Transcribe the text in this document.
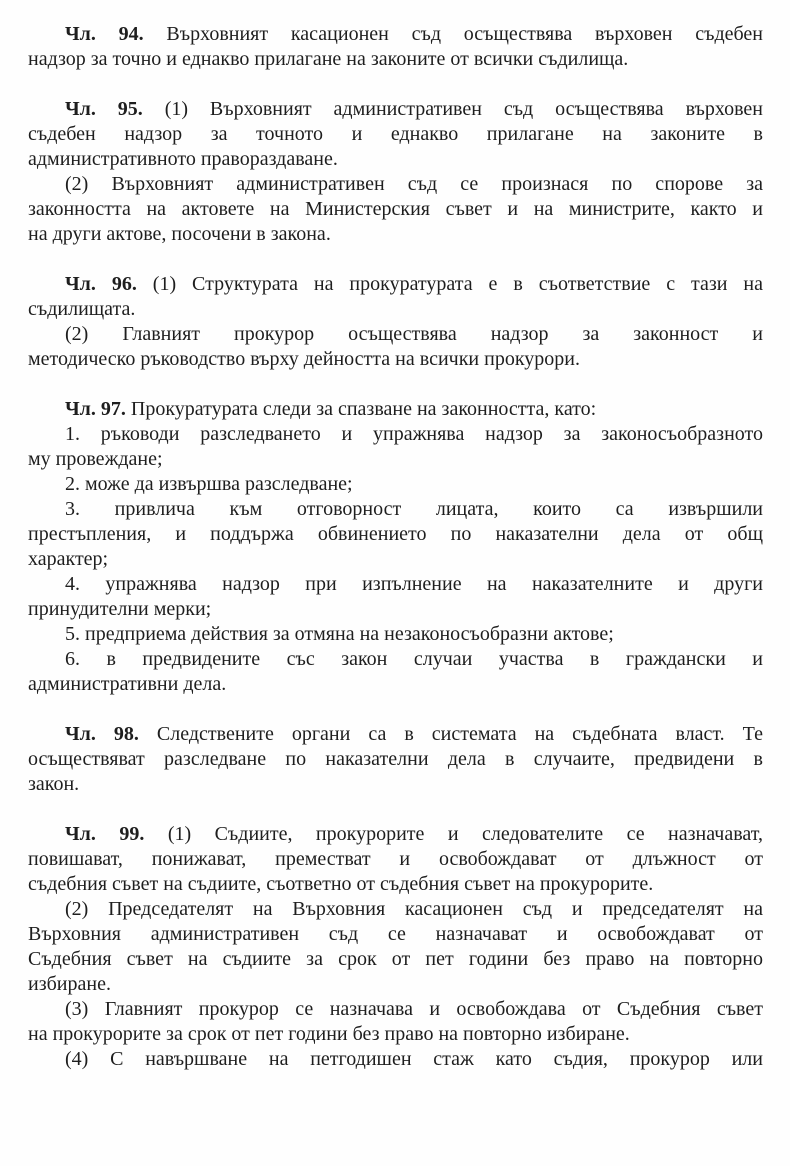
Чл. 94. Върховният касационен съд осъществява върховен съдебен
надзор за точно и еднакво прилагане на законите от всички съдилища.
Чл. 95. (1) Върховният административен съд осъществява върховен
съдебен надзор за точното и еднакво прилагане на законите в
административното правораздаване.
(2) Върховният административен съд се произнася по спорове за
законността на актовете на Министерския съвет и на министрите, както и
на други актове, посочени в закона.
Чл. 96. (1) Структурата на прокуратурата е в съответствие с тази на
съдилищата.
(2) Главният прокурор осъществява надзор за законност и
методическо ръководство върху дейността на всички прокурори.
Чл. 97. Прокуратурата следи за спазване на законността, като:
1. ръководи разследването и упражнява надзор за законосъобразното
му провеждане;
2. може да извършва разследване;
3. привлича към отговорност лицата, които са извършили
престъпления, и поддържа обвинението по наказателни дела от общ
характер;
4. упражнява надзор при изпълнение на наказателните и други
принудителни мерки;
5. предприема действия за отмяна на незаконосъобразни актове;
6. в предвидените със закон случаи участва в граждански и
административни дела.
Чл. 98. Следствените органи са в системата на съдебната власт. Те
осъществяват разследване по наказателни дела в случаите, предвидени в
закон.
Чл. 99. (1) Съдиите, прокурорите и следователите се назначават,
повишават, понижават, преместват и освобождават от длъжност от
съдебния съвет на съдиите, съответно от съдебния съвет на прокурорите.
(2) Председателят на Върховния касационен съд и председателят на
Върховния административен съд се назначават и освобождават от
Съдебния съвет на съдиите за срок от пет години без право на повторно
избиране.
(3) Главният прокурор се назначава и освобождава от Съдебния съвет
на прокурорите за срок от пет години без право на повторно избиране.
(4) С навършване на петгодишен стаж като съдия, прокурор или
